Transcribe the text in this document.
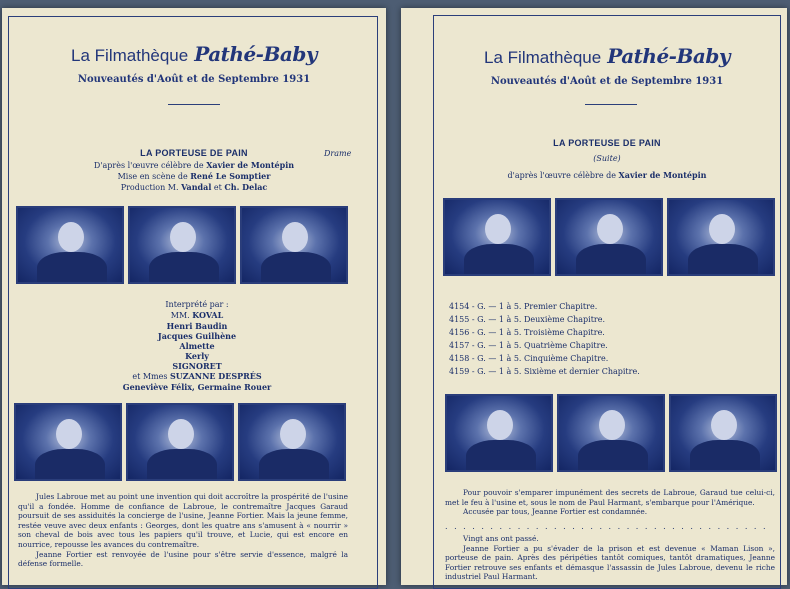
La Filmathèque Pathé-Baby
Nouveautés d'Août et de Septembre 1931
LA PORTEUSE DE PAIN	Drame
D'après l'œuvre célèbre de Xavier de Montépin
Mise en scène de René Le Somptier
Production M. Vandal et Ch. Delac
Interprété par :
MM. KOVAL
Henri Baudin
Jacques Guilhène
Almette
Kerly
SIGNORET
et Mmes SUZANNE DESPRÉS
Geneviève Félix, Germaine Rouer

Jules Labroue met au point une invention qui doit accroître la prospérité de l'usine qu'il a fondée. Homme de confiance de Labroue, le contremaître Jacques Garaud poursuit de ses assiduités la concierge de l'usine, Jeanne Fortier. Mais la jeune femme, restée veuve avec deux enfants : Georges, dont les quatre ans s'amusent à « nourrir » son cheval de bois avec tous les papiers qu'il trouve, et Lucie, qui est encore en nourrice, repousse les avances du contremaître.

Jeanne Fortier est renvoyée de l'usine pour s'être servie d'essence, malgré la défense formelle.

La Filmathèque Pathé-Baby
Nouveautés d'Août et de Septembre 1931
LA PORTEUSE DE PAIN
(Suite)
d'après l'œuvre célèbre de Xavier de Montépin
4154 - G. — 1 à 5. Premier Chapitre.
4155 - G. — 1 à 5. Deuxième Chapitre.
4156 - G. — 1 à 5. Troisième Chapitre.
4157 - G. — 1 à 5. Quatrième Chapitre.
4158 - G. — 1 à 5. Cinquième Chapitre.
4159 - G. — 1 à 5. Sixième et dernier Chapitre.

Pour pouvoir s'emparer impunément des secrets de Labroue, Garaud tue celui-ci, met le feu à l'usine et, sous le nom de Paul Harmant, s'embarque pour l'Amérique.

Accusée par tous, Jeanne Fortier est condamnée.

. . . . . . . . . . . . . . . . . . . . . . . . . . . . . . . . . . . .

Vingt ans ont passé.

Jeanne Fortier a pu s'évader de la prison et est devenue « Maman Lison », porteuse de pain. Après des péripéties tantôt comiques, tantôt dramatiques, Jeanne Fortier retrouve ses enfants et démasque l'assassin de Jules Labroue, devenu le riche industriel Paul Harmant.
